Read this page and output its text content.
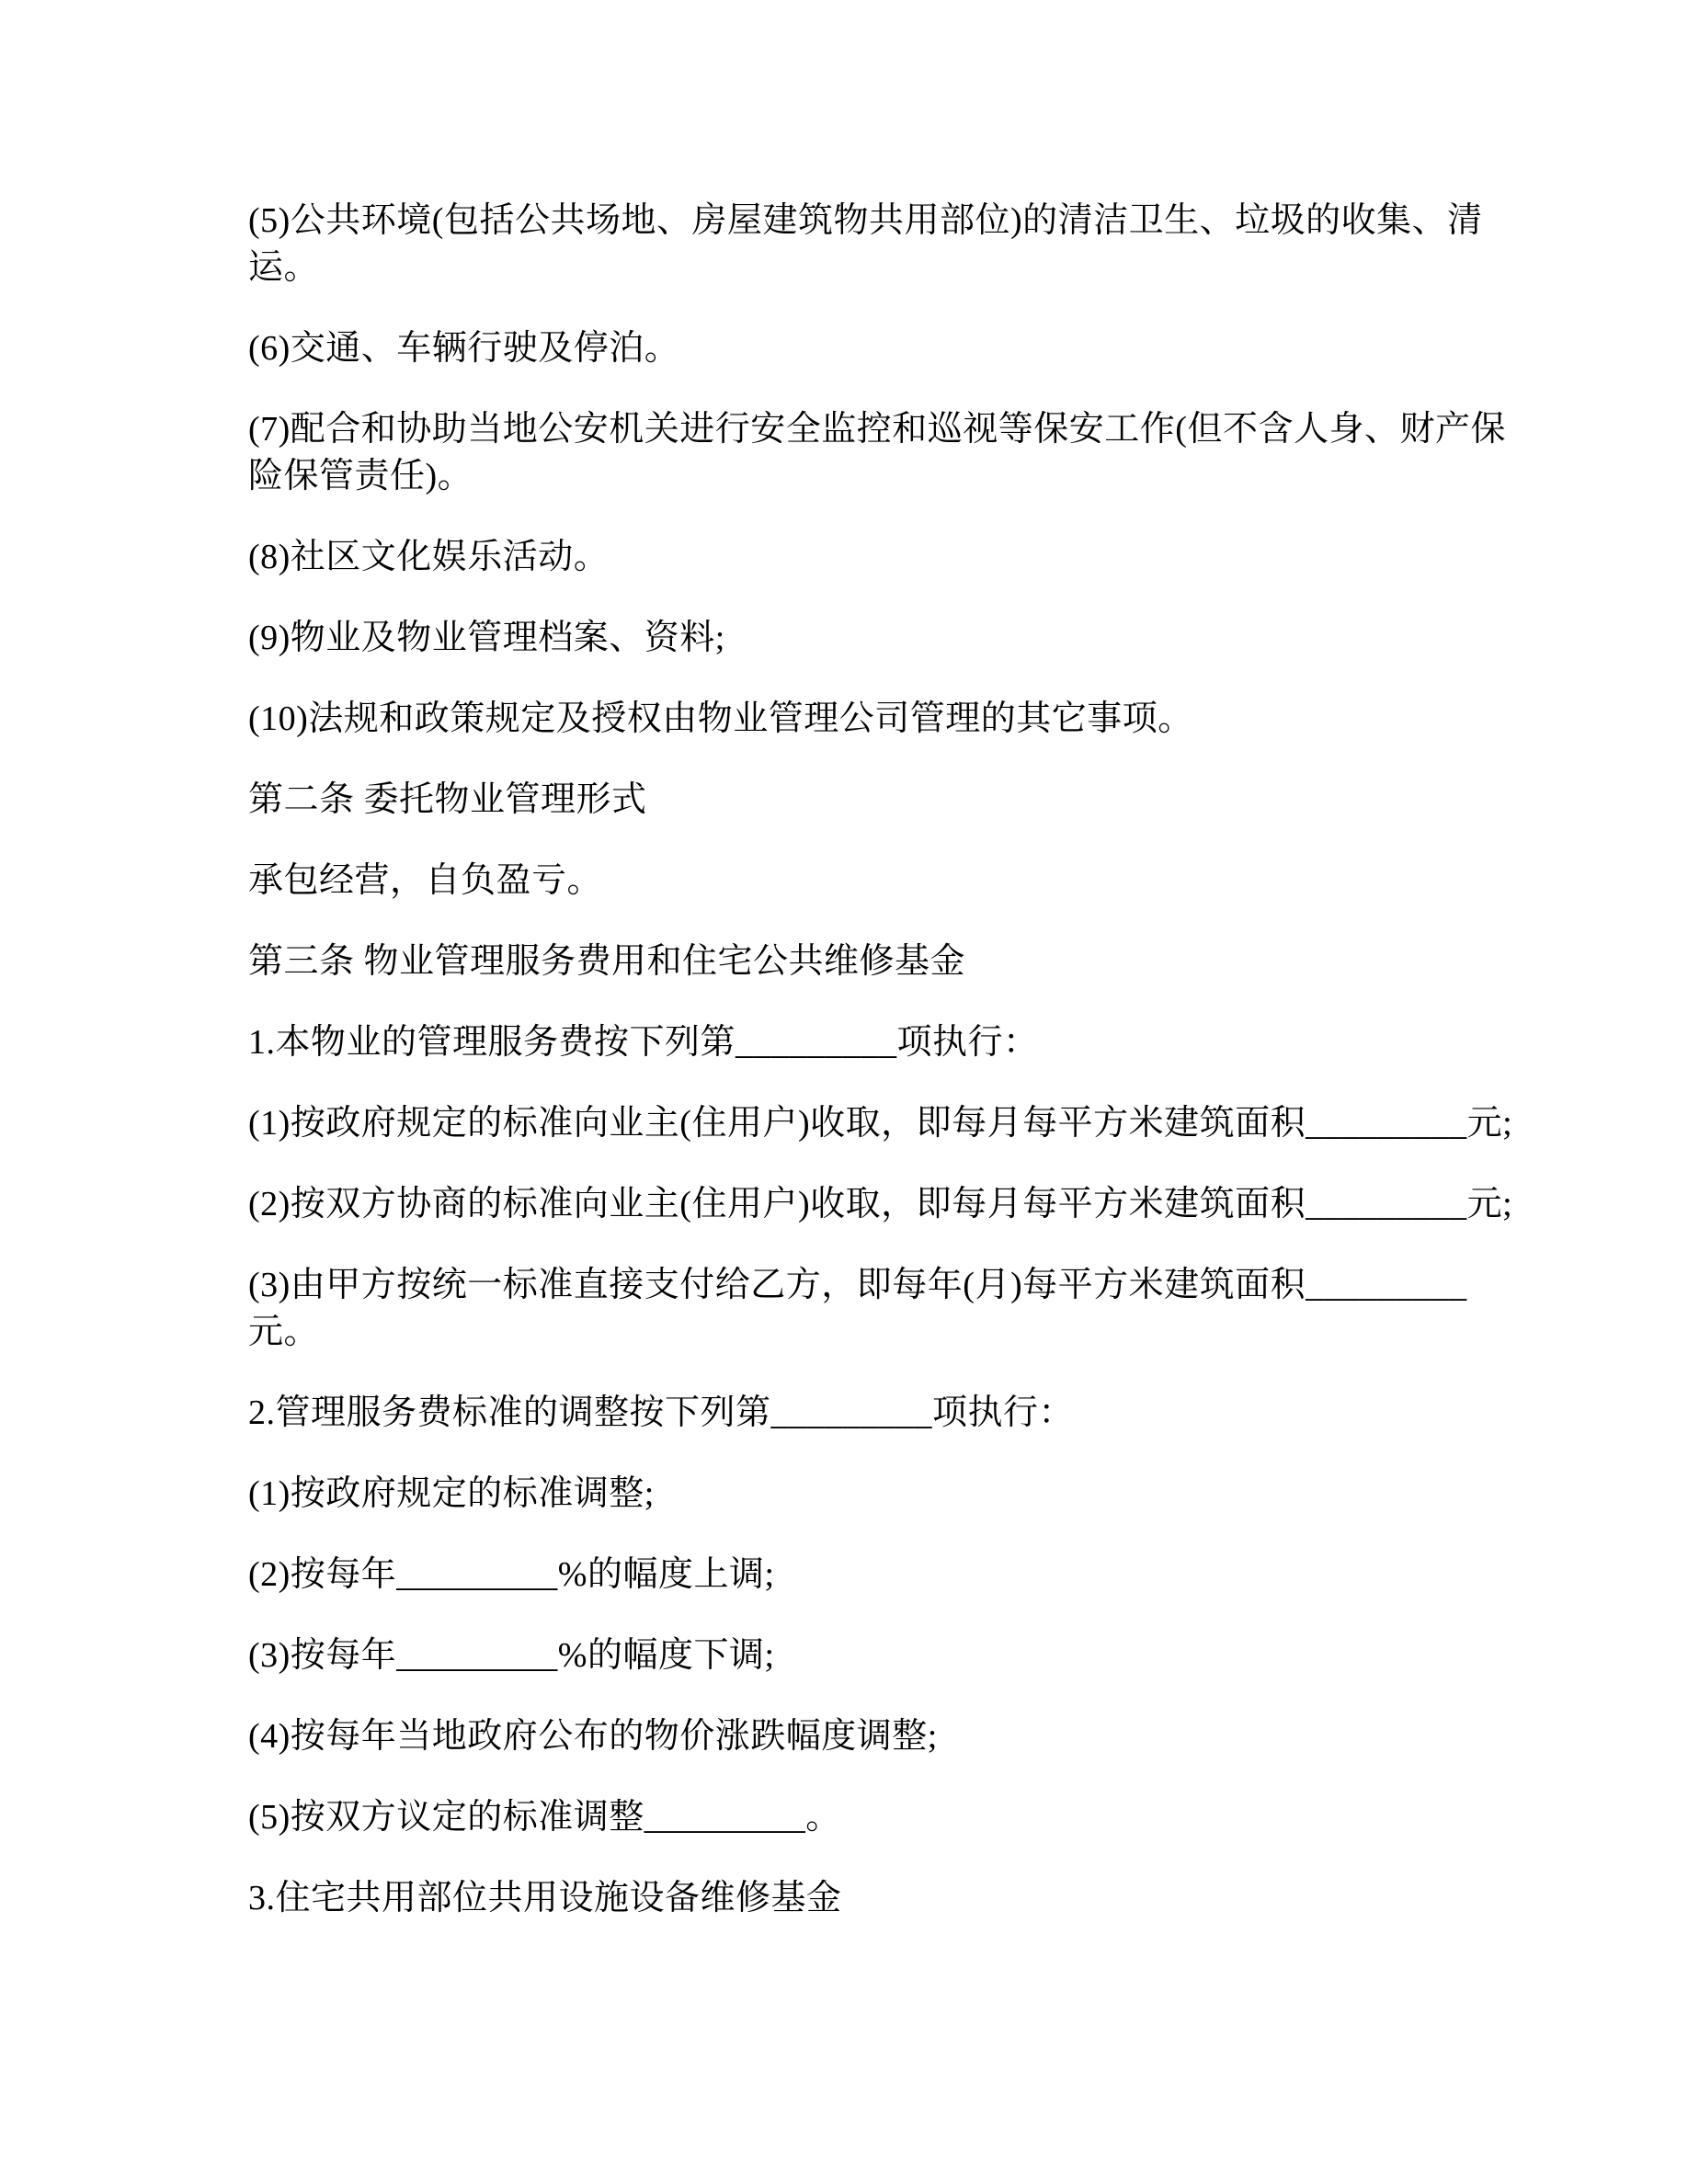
(5)公共环境(包括公共场地、房屋建筑物共用部位)的清洁卫生、垃圾的收集、清
运。
(6)交通、车辆行驶及停泊。
(7)配合和协助当地公安机关进行安全监控和巡视等保安工作(但不含人身、财产保
险保管责任)。
(8)社区文化娱乐活动。
(9)物业及物业管理档案、资料;
(10)法规和政策规定及授权由物业管理公司管理的其它事项。
第二条 委托物业管理形式
承包经营，自负盈亏。
第三条 物业管理服务费用和住宅公共维修基金
1.本物业的管理服务费按下列第_________项执行：
(1)按政府规定的标准向业主(住用户)收取，即每月每平方米建筑面积_________元;
(2)按双方协商的标准向业主(住用户)收取，即每月每平方米建筑面积_________元;
(3)由甲方按统一标准直接支付给乙方，即每年(月)每平方米建筑面积_________
元。
2.管理服务费标准的调整按下列第_________项执行：
(1)按政府规定的标准调整;
(2)按每年_________%的幅度上调;
(3)按每年_________%的幅度下调;
(4)按每年当地政府公布的物价涨跌幅度调整;
(5)按双方议定的标准调整_________。
3.住宅共用部位共用设施设备维修基金
